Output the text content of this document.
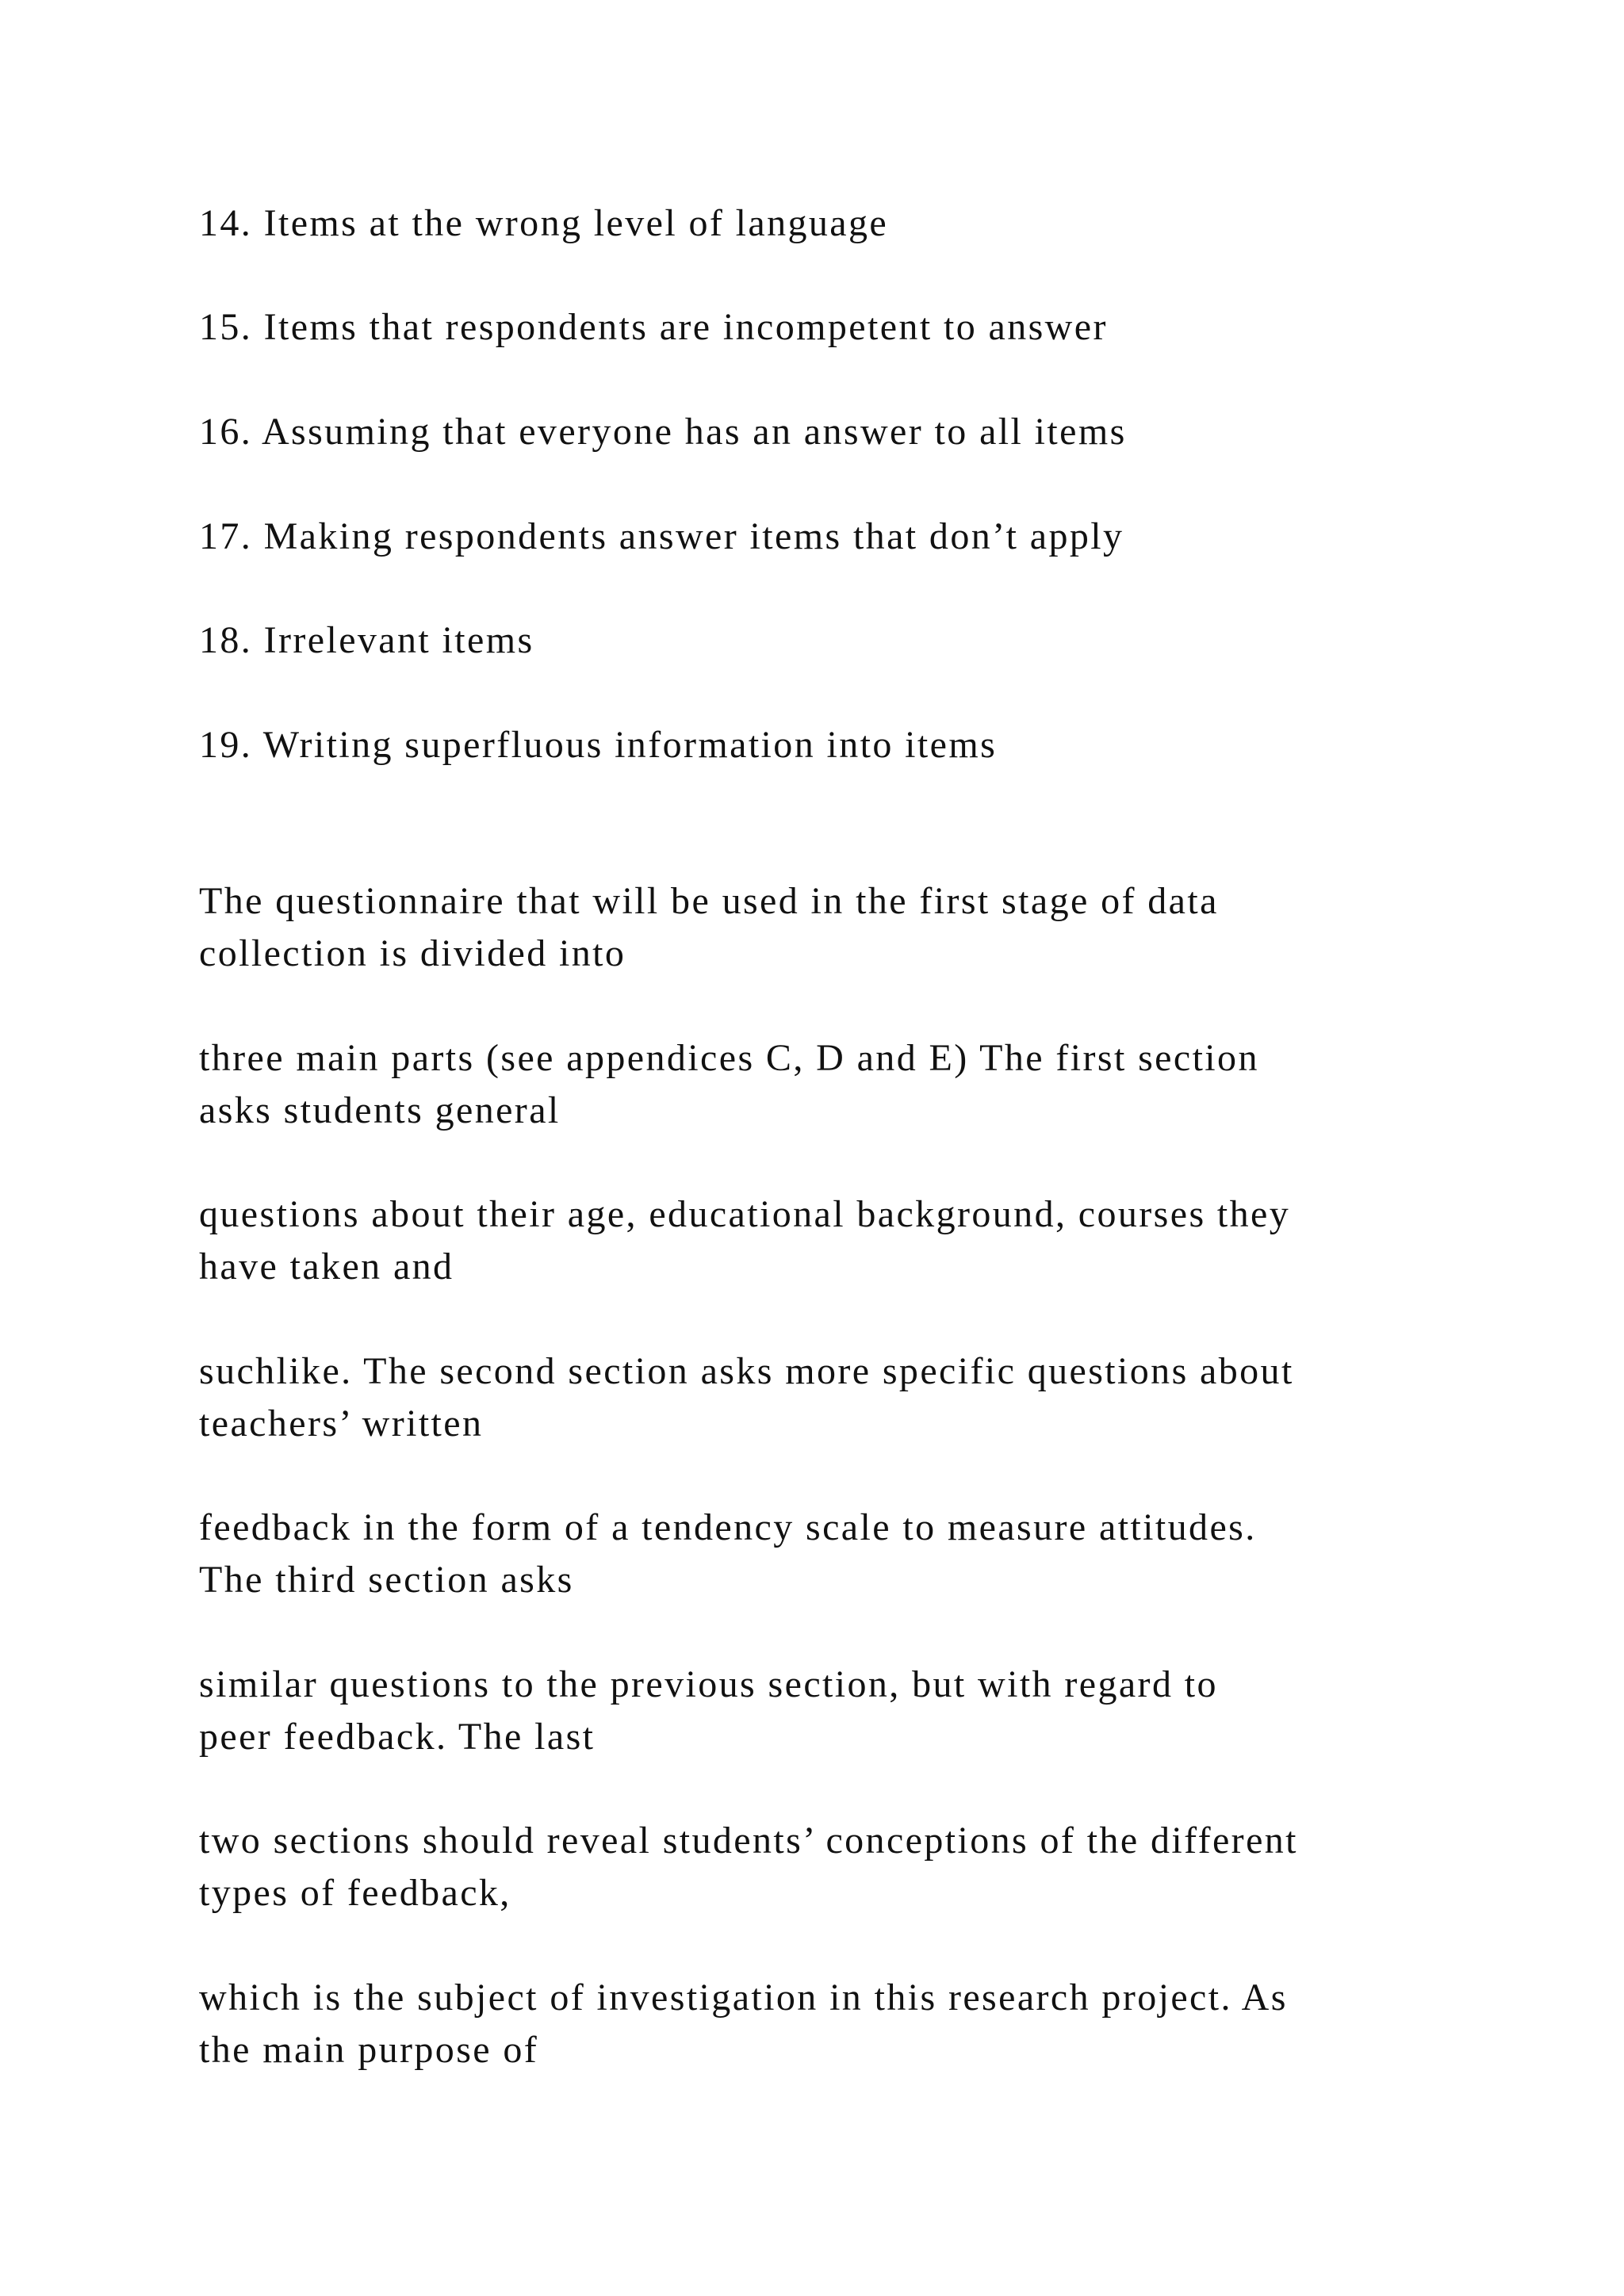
14. Items at the wrong level of language

15. Items that respondents are incompetent to answer

16. Assuming that everyone has an answer to all items

17. Making respondents answer items that don’t apply

18. Irrelevant items

19. Writing superfluous information into items

The questionnaire that will be used in the first stage of data
collection is divided into

three main parts (see appendices C, D and E) The first section
asks students general

questions about their age, educational background, courses they
have taken and

suchlike. The second section asks more specific questions about
teachers’ written

feedback in the form of a tendency scale to measure attitudes.
The third section asks

similar questions to the previous section, but with regard to
peer feedback. The last

two sections should reveal students’ conceptions of the different
types of feedback,

which is the subject of investigation in this research project. As
the main purpose of
